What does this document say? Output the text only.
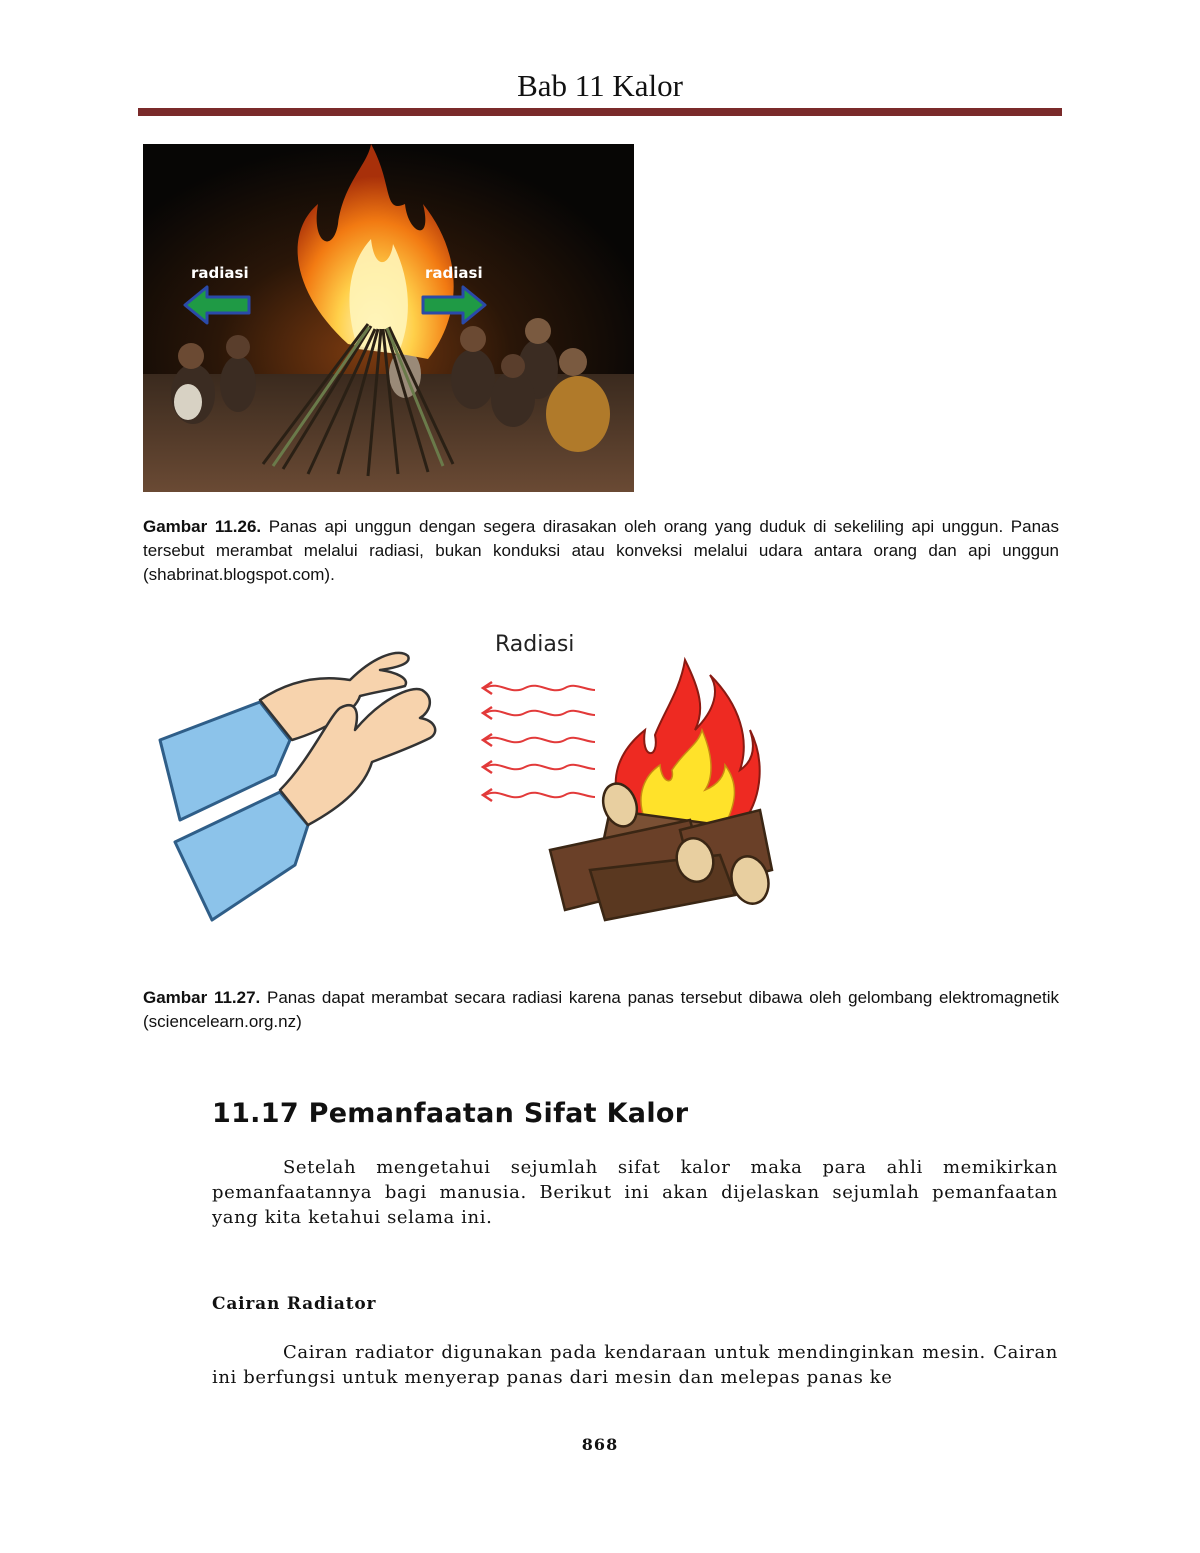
Bab 11 Kalor
radiasi	radiasi
Gambar 11.26. Panas api unggun dengan segera dirasakan oleh orang yang duduk di sekeliling api unggun. Panas tersebut merambat melalui radiasi, bukan konduksi atau konveksi melalui udara antara orang dan api unggun (shabrinat.blogspot.com).
Radiasi
Gambar 11.27. Panas dapat merambat secara radiasi karena panas tersebut dibawa oleh gelombang elektromagnetik (sciencelearn.org.nz)
11.17 Pemanfaatan Sifat Kalor
Setelah mengetahui sejumlah sifat kalor maka para ahli memikirkan pemanfaatannya bagi manusia. Berikut ini akan dijelaskan sejumlah pemanfaatan yang kita ketahui selama ini.
Cairan Radiator
Cairan radiator digunakan pada kendaraan untuk mendinginkan mesin. Cairan ini berfungsi untuk menyerap panas dari mesin dan melepas panas ke
868
